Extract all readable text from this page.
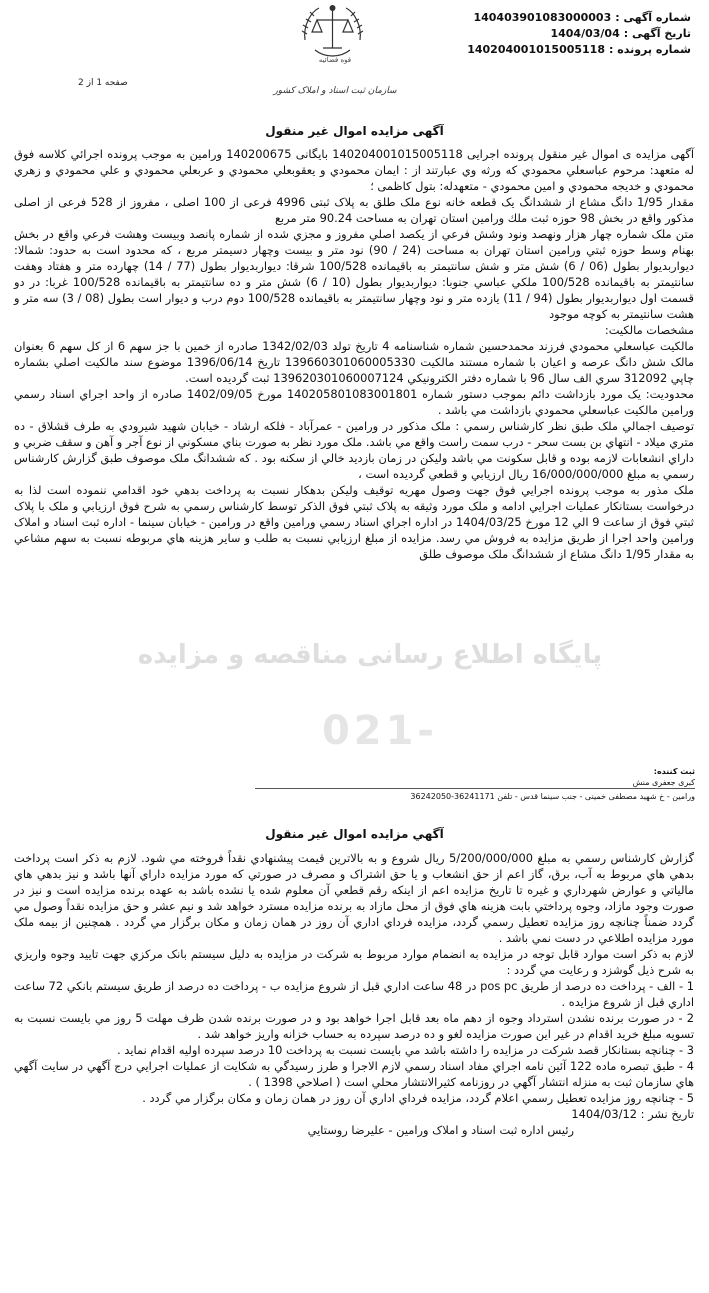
شماره آگهی :
140403901083000003
تاریخ آگهی :
1404/03/04
شماره پرونده :
140204001015005118
قوه قضائیه
سازمان ثبت اسناد و املاک کشور
صفحه 1 از 2
آگهی مزایده اموال غیر منقول

آگهی مزایده ی اموال غیر منقول پرونده اجرایی 140204001015005118 بایگانی 140200675 ورامین به موجب پرونده اجرائي كلاسه فوق له متعهد: مرحوم عباسعلي محمودي كه ورثه وي عبارتند از : ايمان محمودي و يعقوبعلي محمودي و عربعلي محمودي و علي محمودي و زهري محمودي و خديجه محمودي و امين محمودي - متعهدله: بتول کاظمی ؛

مقدار 1/95 دانگ مشاع از ششدانگ يک قطعه خانه نوع ملک طلق به پلاک ثبتی 4996 فرعی از 100 اصلی ، مفروز از 528 فرعی از اصلی مذکور واقع در بخش 98 حوزه ثبت ملك ورامين استان تهران به مساحت 90.24 متر مربع

متن ملک شماره چهار هزار ونهصد ونود وشش فرعي از يکصد اصلي مفروز و مجزي شده از شماره پانصد وبيست وهشت فرعي واقع در بخش بهنام وسط حوزه ثبتي ورامين استان تهران به مساحت (24 / 90) نود متر و بيست وچهار دسيمتر مربع ، که محدود است به حدود: شمالا: ديواربديوار بطول (06 / 6) شش متر و شش سانتيمتر به باقيمانده 100/528 شرقا: ديواربديوار بطول (77 / 14) چهارده متر و هفتاد وهفت سانتيمتر به باقيمانده 100/528 ملکي عباسي جنوبا: ديواربديوار بطول (10 / 6) شش متر و ده سانتيمتر به باقيمانده 100/528 غربا: در دو قسمت اول ديواربديوار بطول (94 / 11) يازده متر و نود وچهار سانتيمتر به باقيمانده 100/528 دوم درب و ديوار است بطول (08 / 3) سه متر و هشت سانتيمتر به کوچه موجود

مشخصات مالکیت:

مالکيت عباسعلي محمودي فرزند محمدحسين شماره شناسنامه 4 تاريخ تولد 1342/02/03 صادره از خمين با جز سهم 6 از کل سهم 6 بعنوان مالک شش دانگ عرصه و اعيان با شماره مستند مالکیت 139660301060005330 تاريخ 1396/06/14 موضوع سند مالکيت اصلي بشماره چاپي 312092 سري الف سال 96 با شماره دفتر الکترونيکي 139620301060007124 ثبت گرديده است.

محدوديت: يک مورد بازداشت دائم بموجب دستور شماره 140205801083001801 مورخ 1402/09/05 صادره از واحد اجراي اسناد رسمي ورامين مالکيت عباسعلي محمودي بازداشت مي باشد .

توصيف اجمالي ملک طبق نظر کارشناس رسمي : ملک مذکور در ورامين - عمرآباد - فلکه ارشاد - خيابان شهيد شيرودي به طرف قشلاق - ده متري ميلاد - انتهاي بن بست سحر - درب سمت راست واقع مي باشد. ملک مورد نظر به صورت بناي مسکوني از نوع آجر و آهن و سقف ضربي و داراي انشعابات لازمه بوده و قابل سکونت مي باشد وليکن در زمان بازديد خالي از سکنه بود . که ششدانگ ملک موصوف طبق گزارش کارشناس رسمي به مبلغ 16/000/000/000 ريال ارزيابي و قطعي گرديده است ،

ملک مذور به موجب پرونده اجرايي فوق جهت وصول مهريه توقيف وليکن بدهکار نسبت به پرداخت بدهي خود اقدامي ننموده است لذا به درخواست بستانکار عمليات اجرايي ادامه و ملک مورد وثيقه به پلاک ثبتي فوق الذکر توسط کارشناس رسمي به شرح فوق ارزيابي و ملک با پلاک ثبتي فوق از ساعت 9 الي 12 مورخ 1404/03/25 در اداره اجراي اسناد رسمي ورامين واقع در ورامين - خيابان سينما - اداره ثبت اسناد و املاک ورامين واحد اجرا از طريق مزايده به فروش مي رسد. مزايده از مبلغ ارزيابي نسبت به طلب و ساير هزينه هاي مربوطه نسبت به سهم مشاعي به مقدار 1/95 دانگ مشاع از ششدانگ ملک موصوف طلق

پایگاه اطلاع رسانی مناقصه و مزایده
021-
ثبت کننده:
کبری جعفری منش
ورامین - خ شهید مصطفی خمینی - جنب سینما قدس - تلفن 36241171-36242050
آگهي مزايده اموال غير منقول

گزارش کارشناس رسمي به مبلغ 5/200/000/000 ريال شروع و به بالاترين قيمت پيشنهادي نقداً فروخته مي شود. لازم به ذکر است پرداخت بدهي هاي مربوط به آب، برق، گاز اعم از حق انشعاب و يا حق اشتراک و مصرف در صورتي که مورد مزايده داراي آنها باشد و نيز بدهي هاي مالياتي و عوارض شهرداري و غيره تا تاريخ مزايده اعم از اينکه رقم قطعي آن معلوم شده يا نشده باشد به عهده برنده مزايده است و نيز در صورت وجود مازاد، وجوه پرداختي بابت هزينه هاي فوق از محل مازاد به برنده مزايده مسترد خواهد شد و نيم عشر و حق مزايده نقداً وصول مي گردد ضمناً چنانچه روز مزايده تعطيل رسمي گردد، مزايده فرداي اداري آن روز در همان زمان و مکان برگزار مي گردد . همچنين از بيمه ملک مورد مزايده اطلاعي در دست نمي باشد .

لازم به ذکر است موارد قابل توجه در مزايده به انضمام موارد مربوط به شرکت در مزايده به دليل سيستم بانک مرکزي جهت تاييد وجوه واريزي به شرح ذيل گوشزد و رعايت مي گردد :

1 - الف - پرداخت ده درصد از طريق pos pc در 48 ساعت اداري قبل از شروع مزايده ب - پرداخت ده درصد از طريق سيستم بانکي 72 ساعت اداري قبل از شروع مزايده .

2 - در صورت برنده نشدن استرداد وجوه از دهم ماه بعد قابل اجرا خواهد بود و در صورت برنده شدن ظرف مهلت 5 روز مي بايست نسبت به تسويه مبلغ خريد اقدام در غير اين صورت مزايده لغو و ده درصد سپرده به حساب خزانه واريز خواهد شد .

3 - چنانچه بستانکار قصد شرکت در مزايده را داشته باشد مي بايست نسبت به پرداخت 10 درصد سپرده اوليه اقدام نمايد .

4 - طبق تبصره ماده 122 آئين نامه اجراي مفاد اسناد رسمي لازم الاجرا و طرز رسيدگي به شکايت از عمليات اجرايي درج آگهي در سايت آگهي هاي سازمان ثبت به منزله انتشار آگهي در روزنامه کثيرالانتشار محلي است ( اصلاحي 1398 ) .

5 - چنانچه روز مزايده تعطيل رسمي اعلام گردد، مزايده فرداي اداري آن روز در همان زمان و مکان برگزار مي گردد .

تاريخ نشر : 1404/03/12

رئيس اداره ثبت اسناد و املاک ورامين - عليرضا روستايي
